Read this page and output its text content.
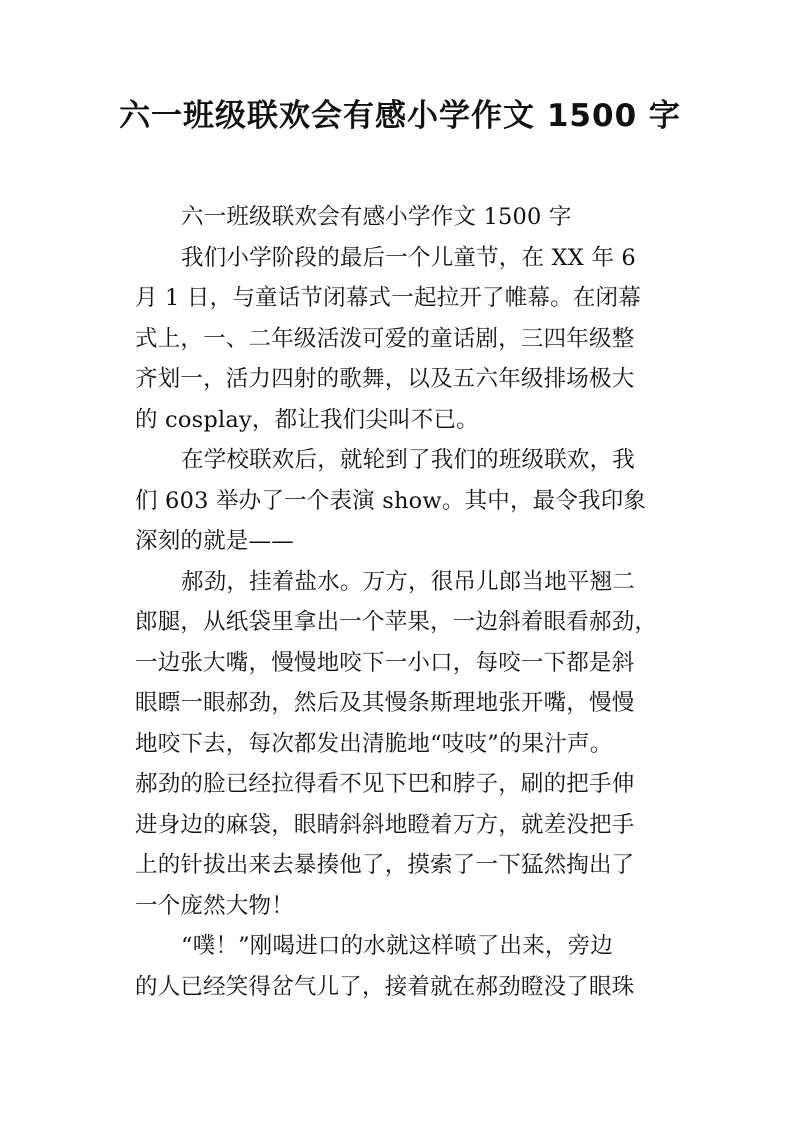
六一班级联欢会有感小学作文 1500 字
六一班级联欢会有感小学作文 1500 字
我们小学阶段的最后一个儿童节，在 XX 年 6
月 1 日，与童话节闭幕式一起拉开了帷幕。在闭幕
式上，一、二年级活泼可爱的童话剧，三四年级整
齐划一，活力四射的歌舞，以及五六年级排场极大
的 cosplay，都让我们尖叫不已。
在学校联欢后，就轮到了我们的班级联欢，我
们 603 举办了一个表演 show。其中，最令我印象
深刻的就是——
郝劲，挂着盐水。万方，很吊儿郎当地平翘二
郎腿，从纸袋里拿出一个苹果，一边斜着眼看郝劲，
一边张大嘴，慢慢地咬下一小口，每咬一下都是斜
眼瞟一眼郝劲，然后及其慢条斯理地张开嘴，慢慢
地咬下去，每次都发出清脆地“吱吱”的果汁声。
郝劲的脸已经拉得看不见下巴和脖子，刷的把手伸
进身边的麻袋，眼睛斜斜地瞪着万方，就差没把手
上的针拔出来去暴揍他了，摸索了一下猛然掏出了
一个庞然大物！
“噗！”刚喝进口的水就这样喷了出来，旁边
的人已经笑得岔气儿了，接着就在郝劲瞪没了眼珠
